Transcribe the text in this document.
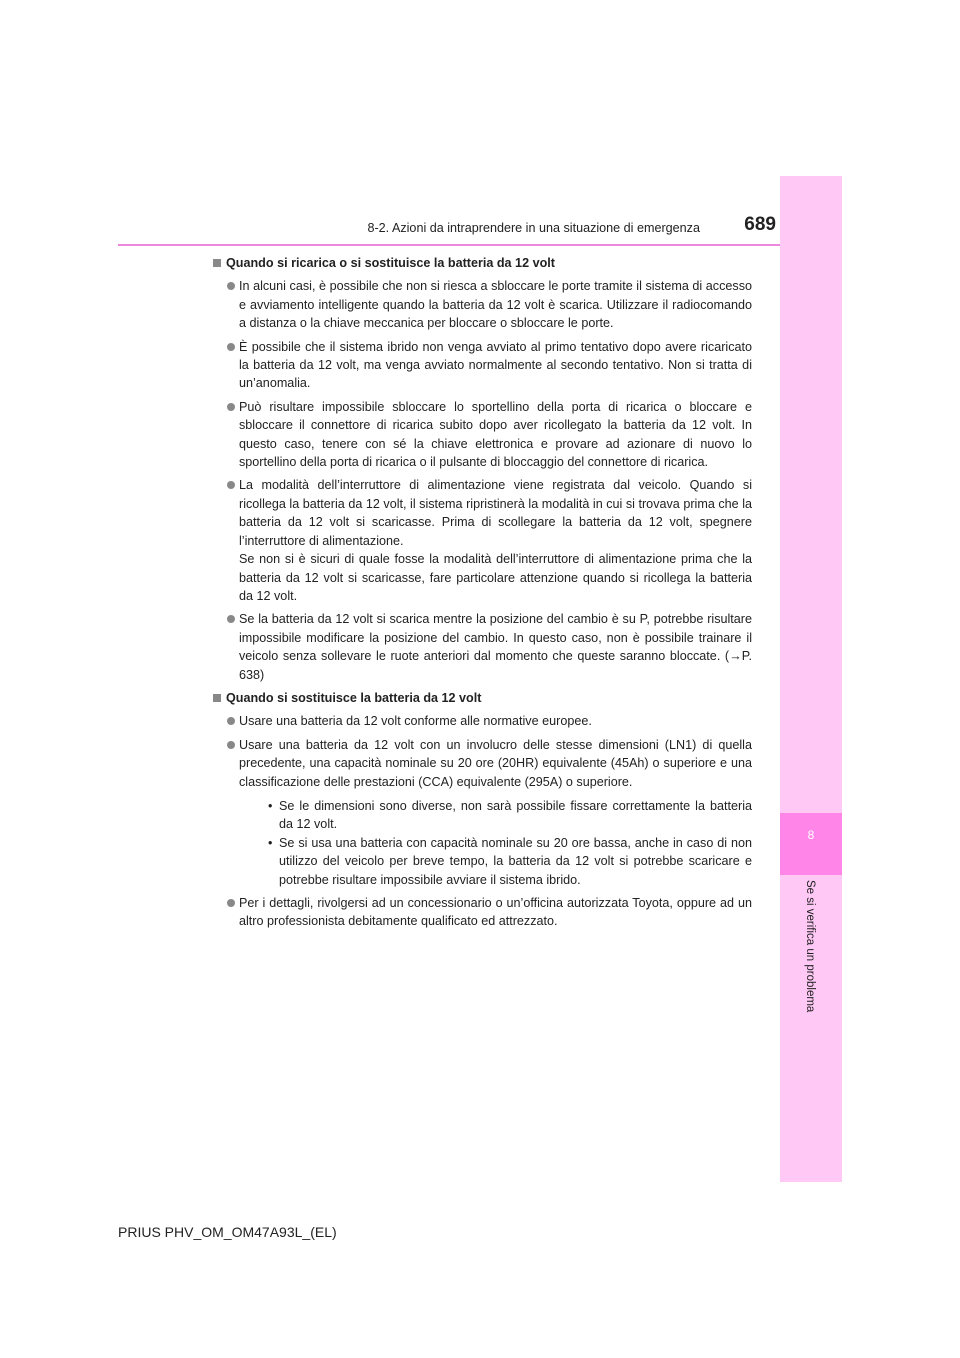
8
Se si verifica un problema
8-2. Azioni da intraprendere in una situazione di emergenza	689
Quando si ricarica o si sostituisce la batteria da 12 volt
In alcuni casi, è possibile che non si riesca a sbloccare le porte tramite il sistema di accesso e avviamento intelligente quando la batteria da 12 volt è scarica. Utilizzare il radiocomando a distanza o la chiave meccanica per bloccare o sbloccare le porte.
È possibile che il sistema ibrido non venga avviato al primo tentativo dopo avere ricaricato la batteria da 12 volt, ma venga avviato normalmente al secondo tentativo. Non si tratta di un’anomalia.
Può risultare impossibile sbloccare lo sportellino della porta di ricarica o bloccare e sbloccare il connettore di ricarica subito dopo aver ricollegato la batteria da 12 volt. In questo caso, tenere con sé la chiave elettronica e provare ad azionare di nuovo lo sportellino della porta di ricarica o il pulsante di bloccaggio del connettore di ricarica.
La modalità dell’interruttore di alimentazione viene registrata dal veicolo. Quando si ricollega la batteria da 12 volt, il sistema ripristinerà la modalità in cui si trovava prima che la batteria da 12 volt si scaricasse. Prima di scollegare la batteria da 12 volt, spegnere l’interruttore di alimentazione.
Se non si è sicuri di quale fosse la modalità dell’interruttore di alimentazione prima che la batteria da 12 volt si scaricasse, fare particolare attenzione quando si ricollega la batteria da 12 volt.
Se la batteria da 12 volt si scarica mentre la posizione del cambio è su P, potrebbe risultare impossibile modificare la posizione del cambio. In questo caso, non è possibile trainare il veicolo senza sollevare le ruote anteriori dal momento che queste saranno bloccate. (→P. 638)
Quando si sostituisce la batteria da 12 volt
Usare una batteria da 12 volt conforme alle normative europee.
Usare una batteria da 12 volt con un involucro delle stesse dimensioni (LN1) di quella precedente, una capacità nominale su 20 ore (20HR) equivalente (45Ah) o superiore e una classificazione delle prestazioni (CCA) equivalente (295A) o superiore.
• Se le dimensioni sono diverse, non sarà possibile fissare correttamente la batteria da 12 volt.
• Se si usa una batteria con capacità nominale su 20 ore bassa, anche in caso di non utilizzo del veicolo per breve tempo, la batteria da 12 volt si potrebbe scaricare e potrebbe risultare impossibile avviare il sistema ibrido.
Per i dettagli, rivolgersi ad un concessionario o un’officina autorizzata Toyota, oppure ad un altro professionista debitamente qualificato ed attrezzato.
PRIUS PHV_OM_OM47A93L_(EL)
